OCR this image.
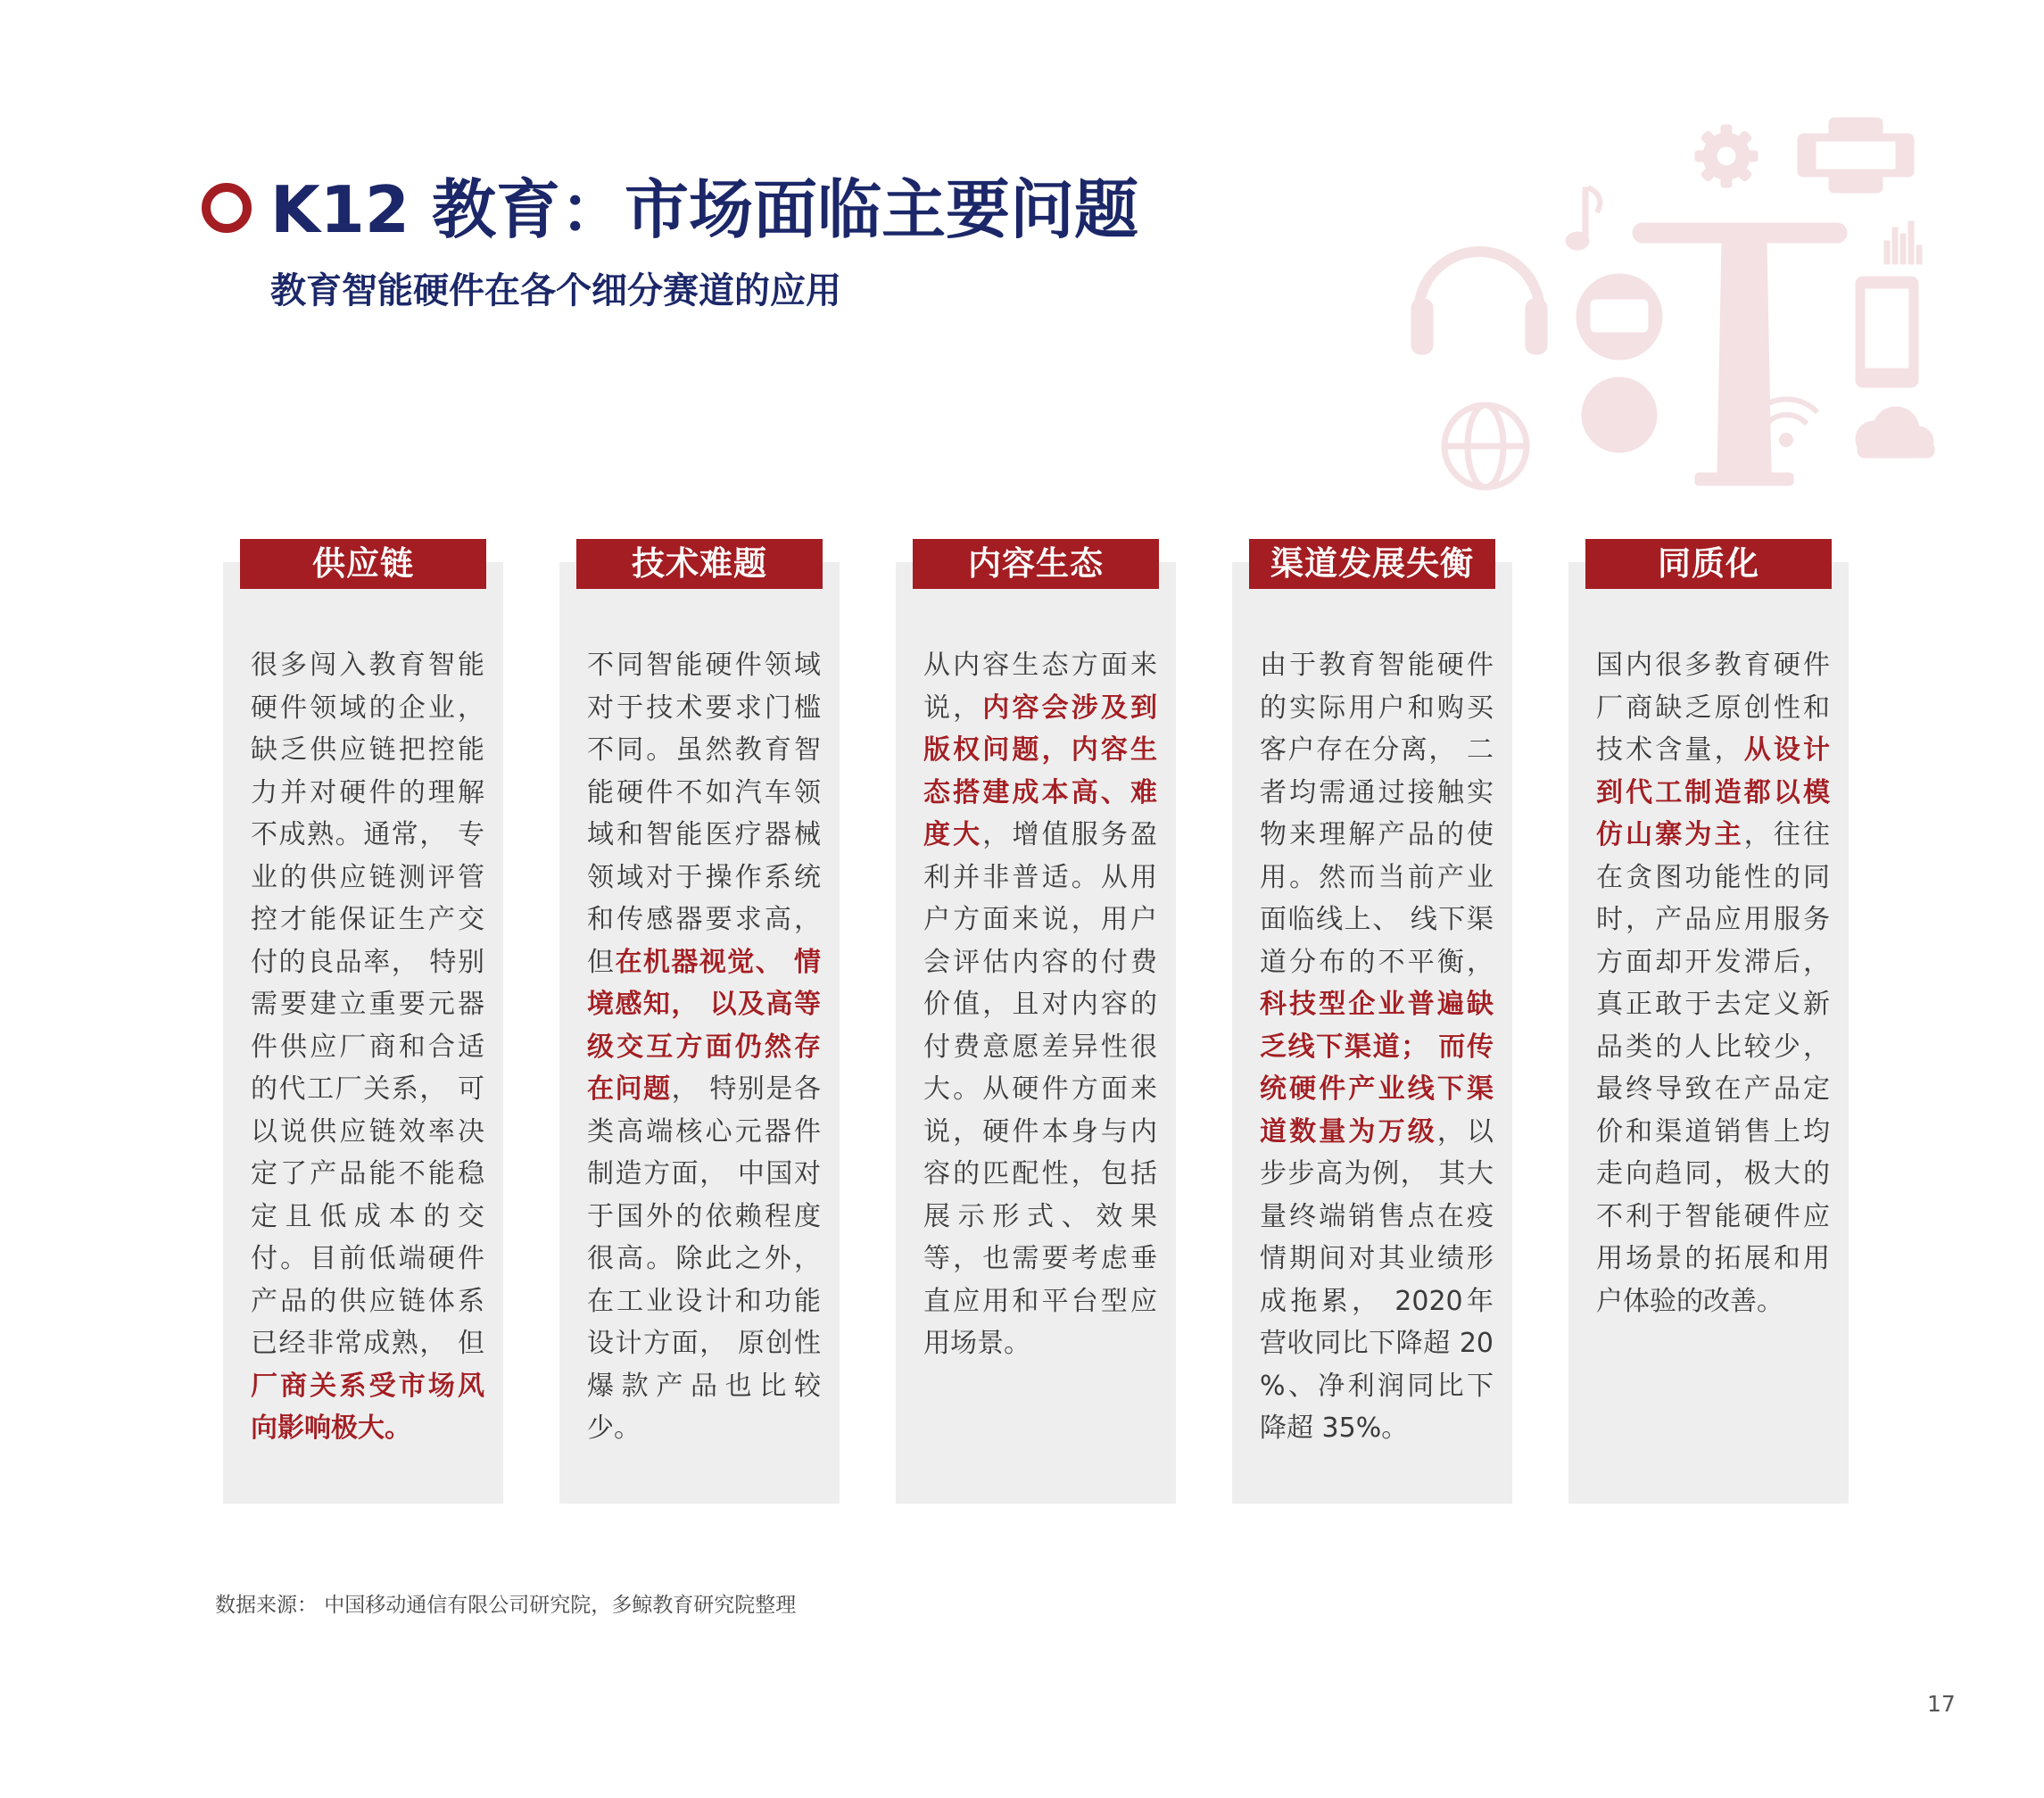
K12 教育：市场面临主要问题
教育智能硬件在各个细分赛道的应用
供应链	技术难题	内容生态	渠道发展失衡	同质化
很多闯入教育智能硬件领域的企业，缺乏供应链把控能力并对硬件的理解不成熟。通常， 专业的供应链测评管控才能保证生产交付的良品率， 特别需要建立重要元器件供应厂商和合适的代工厂关系， 可以说供应链效率决定了产品能不能稳定且低成本的交付。目前低端硬件产品的供应链体系已经非常成熟， 但厂商关系受市场风向影响极大。
不同智能硬件领域对于技术要求门槛不同。虽然教育智能硬件不如汽车领域和智能医疗器械领域对于操作系统和传感器要求高，但在机器视觉、 情境感知， 以及高等级交互方面仍然存在问题， 特别是各类高端核心元器件制造方面， 中国对于国外的依赖程度很高。除此之外，在工业设计和功能设计方面， 原创性爆款产品也比较少。
从内容生态方面来说，内容会涉及到版权问题，内容生态搭建成本高、难度大，增值服务盈利并非普适。从用户方面来说，用户会评估内容的付费价值，且对内容的付费意愿差异性很大。从硬件方面来说，硬件本身与内容的匹配性，包括展示形式、效果等，也需要考虑垂直应用和平台型应用场景。
由于教育智能硬件的实际用户和购买客户存在分离， 二者均需通过接触实物来理解产品的使用。然而当前产业面临线上、 线下渠道分布的不平衡，科技型企业普遍缺乏线下渠道； 而传统硬件产业线下渠道数量为万级，以步步高为例， 其大量终端销售点在疫情期间对其业绩形成拖累， 2020年营收同比下降超 20 %、净利润同比下降超 35%。
国内很多教育硬件厂商缺乏原创性和技术含量，从设计到代工制造都以模仿山寨为主，往往在贪图功能性的同时，产品应用服务方面却开发滞后，真正敢于去定义新品类的人比较少，最终导致在产品定价和渠道销售上均走向趋同，极大的不利于智能硬件应用场景的拓展和用户体验的改善。
数据来源： 中国移动通信有限公司研究院，多鲸教育研究院整理
17
